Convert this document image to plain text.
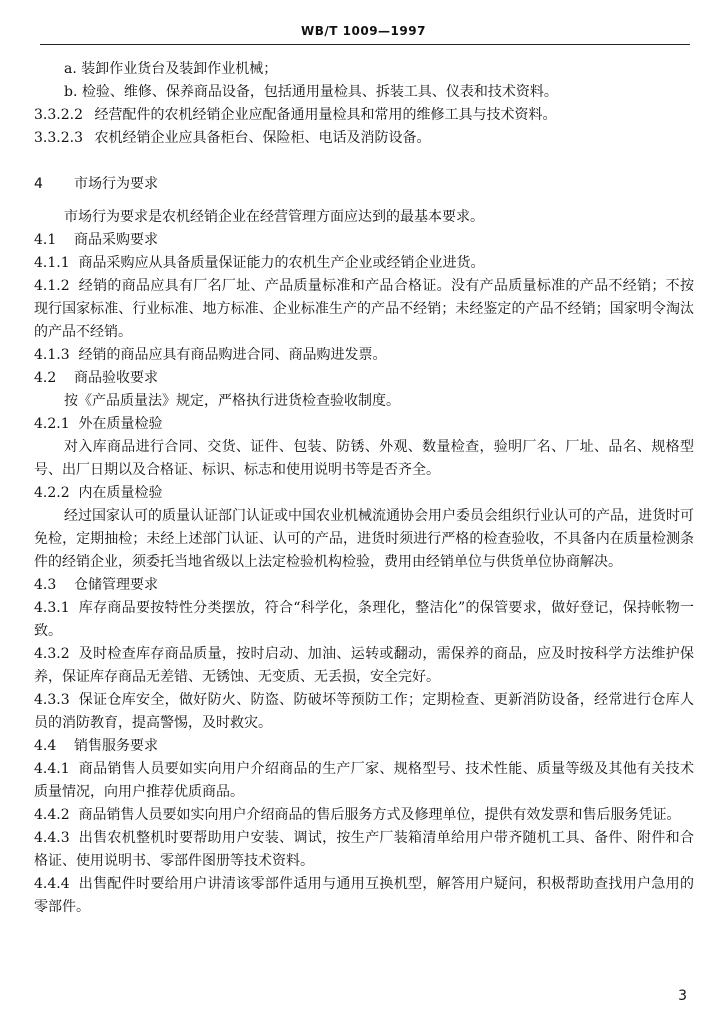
WB/T 1009—1997
a. 装卸作业货台及装卸作业机械；
b. 检验、维修、保养商品设备，包括通用量检具、拆装工具、仪表和技术资料。
3.3.2.2 经营配件的农机经销企业应配备通用量检具和常用的维修工具与技术资料。
3.3.2.3 农机经销企业应具备柜台、保险柜、电话及消防设备。
4 市场行为要求
市场行为要求是农机经销企业在经营管理方面应达到的最基本要求。
4.1 商品采购要求
4.1.1 商品采购应从具备质量保证能力的农机生产企业或经销企业进货。
4.1.2 经销的商品应具有厂名厂址、产品质量标准和产品合格证。没有产品质量标准的产品不经销；不按现行国家标准、行业标准、地方标准、企业标准生产的产品不经销；未经鉴定的产品不经销；国家明令淘汰的产品不经销。
4.1.3 经销的商品应具有商品购进合同、商品购进发票。
4.2 商品验收要求
按《产品质量法》规定，严格执行进货检查验收制度。
4.2.1 外在质量检验
对入库商品进行合同、交货、证件、包装、防锈、外观、数量检查，验明厂名、厂址、品名、规格型号、出厂日期以及合格证、标识、标志和使用说明书等是否齐全。
4.2.2 内在质量检验
经过国家认可的质量认证部门认证或中国农业机械流通协会用户委员会组织行业认可的产品，进货时可免检，定期抽检；未经上述部门认证、认可的产品，进货时须进行严格的检查验收，不具备内在质量检测条件的经销企业，须委托当地省级以上法定检验机构检验，费用由经销单位与供货单位协商解决。
4.3 仓储管理要求
4.3.1 库存商品要按特性分类摆放，符合“科学化，条理化，整洁化”的保管要求，做好登记，保持帐物一致。
4.3.2 及时检查库存商品质量，按时启动、加油、运转或翻动，需保养的商品，应及时按科学方法维护保养，保证库存商品无差错、无锈蚀、无变质、无丢损，安全完好。
4.3.3 保证仓库安全，做好防火、防盗、防破坏等预防工作；定期检查、更新消防设备，经常进行仓库人员的消防教育，提高警惕，及时救灾。
4.4 销售服务要求
4.4.1 商品销售人员要如实向用户介绍商品的生产厂家、规格型号、技术性能、质量等级及其他有关技术质量情况，向用户推荐优质商品。
4.4.2 商品销售人员要如实向用户介绍商品的售后服务方式及修理单位，提供有效发票和售后服务凭证。
4.4.3 出售农机整机时要帮助用户安装、调试，按生产厂装箱清单给用户带齐随机工具、备件、附件和合格证、使用说明书、零部件图册等技术资料。
4.4.4 出售配件时要给用户讲清该零部件适用与通用互换机型，解答用户疑问，积极帮助查找用户急用的零部件。
3
